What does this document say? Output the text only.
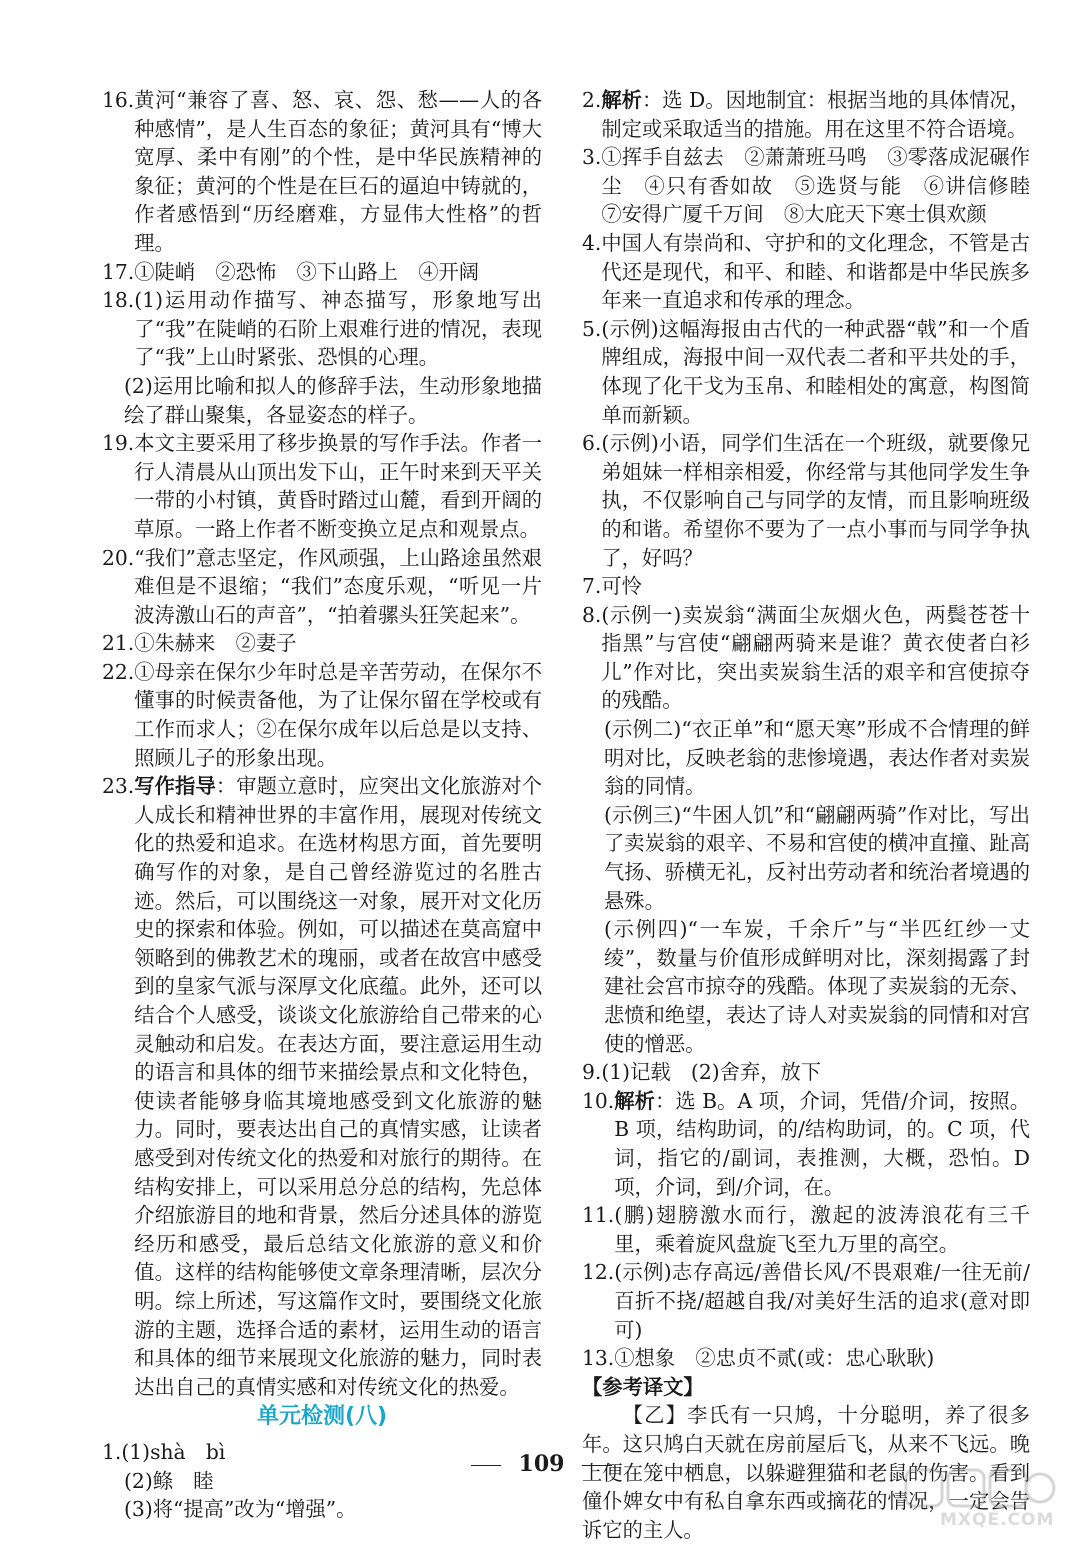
16. 黄河“兼容了喜、怒、哀、怨、愁——人的各种感情”，是人生百态的象征；黄河具有“博大宽厚、柔中有刚”的个性，是中华民族精神的象征；黄河的个性是在巨石的逼迫中铸就的，作者感悟到“历经磨难，方显伟大性格”的哲理。
17. ①陡峭　②恐怖　③下山路上　④开阔
18. (1)运用动作描写、神态描写，形象地写出了“我”在陡峭的石阶上艰难行进的情况，表现了“我”上山时紧张、恐惧的心理。

(2)运用比喻和拟人的修辞手法，生动形象地描绘了群山聚集，各显姿态的样子。

19. 本文主要采用了移步换景的写作手法。作者一行人清晨从山顶出发下山，正午时来到天平关一带的小村镇，黄昏时踏过山麓，看到开阔的草原。一路上作者不断变换立足点和观景点。
20. “我们”意志坚定，作风顽强，上山路途虽然艰难但是不退缩；“我们”态度乐观，“听见一片波涛激山石的声音”，“拍着骡头狂笑起来”。
21. ①朱赫来　②妻子
22. ①母亲在保尔少年时总是辛苦劳动，在保尔不懂事的时候责备他，为了让保尔留在学校或有工作而求人；②在保尔成年以后总是以支持、照顾儿子的形象出现。
23. 写作指导：审题立意时，应突出文化旅游对个人成长和精神世界的丰富作用，展现对传统文化的热爱和追求。在选材构思方面，首先要明确写作的对象，是自己曾经游览过的名胜古迹。然后，可以围绕这一对象，展开对文化历史的探索和体验。例如，可以描述在莫高窟中领略到的佛教艺术的瑰丽，或者在故宫中感受到的皇家气派与深厚文化底蕴。此外，还可以结合个人感受，谈谈文化旅游给自己带来的心灵触动和启发。在表达方面，要注意运用生动的语言和具体的细节来描绘景点和文化特色，使读者能够身临其境地感受到文化旅游的魅力。同时，要表达出自己的真情实感，让读者感受到对传统文化的热爱和对旅行的期待。在结构安排上，可以采用总分总的结构，先总体介绍旅游目的地和背景，然后分述具体的游览经历和感受，最后总结文化旅游的意义和价值。这样的结构能够使文章条理清晰，层次分明。综上所述，写这篇作文时，要围绕文化旅游的主题，选择合适的素材，运用生动的语言和具体的细节来展现文化旅游的魅力，同时表达出自己的真情实感和对传统文化的热爱。
单元检测(八)
1. (1)shà　bì

(2)鲦　睦

(3)将“提高”改为“增强”。

2. 解析：选 D。因地制宜：根据当地的具体情况，制定或采取适当的措施。用在这里不符合语境。
3. ①挥手自兹去　②萧萧班马鸣　③零落成泥碾作尘　④只有香如故　⑤选贤与能　⑥讲信修睦　⑦安得广厦千万间　⑧大庇天下寒士俱欢颜
4. 中国人有崇尚和、守护和的文化理念，不管是古代还是现代，和平、和睦、和谐都是中华民族多年来一直追求和传承的理念。
5. (示例)这幅海报由古代的一种武器“戟”和一个盾牌组成，海报中间一双代表二者和平共处的手，体现了化干戈为玉帛、和睦相处的寓意，构图简单而新颖。
6. (示例)小语，同学们生活在一个班级，就要像兄弟姐妹一样相亲相爱，你经常与其他同学发生争执，不仅影响自己与同学的友情，而且影响班级的和谐。希望你不要为了一点小事而与同学争执了，好吗？
7. 可怜
8. (示例一)卖炭翁“满面尘灰烟火色，两鬓苍苍十指黑”与宫使“翩翩两骑来是谁？黄衣使者白衫儿”作对比，突出卖炭翁生活的艰辛和宫使掠夺的残酷。

(示例二)“衣正单”和“愿天寒”形成不合情理的鲜明对比，反映老翁的悲惨境遇，表达作者对卖炭翁的同情。

(示例三)“牛困人饥”和“翩翩两骑”作对比，写出了卖炭翁的艰辛、不易和宫使的横冲直撞、趾高气扬、骄横无礼，反衬出劳动者和统治者境遇的悬殊。

(示例四)“一车炭，千余斤”与“半匹红纱一丈绫”，数量与价值形成鲜明对比，深刻揭露了封建社会宫市掠夺的残酷。体现了卖炭翁的无奈、悲愤和绝望，表达了诗人对卖炭翁的同情和对宫使的憎恶。

9. (1)记载　(2)舍弃，放下
10. 解析：选 B。A 项，介词，凭借/介词，按照。B 项，结构助词，的/结构助词，的。C 项，代词，指它的/副词，表推测，大概，恐怕。D 项，介词，到/介词，在。
11. (鹏)翅膀激水而行，激起的波涛浪花有三千里，乘着旋风盘旋飞至九万里的高空。
12. (示例)志存高远/善借长风/不畏艰难/一往无前/百折不挠/超越自我/对美好生活的追求(意对即可)
13. ①想象　②忠贞不贰(或：忠心耿耿)

【参考译文】

【乙】李氏有一只鸠，十分聪明，养了很多年。这只鸠白天就在房前屋后飞，从来不飞远。晚上便在笼中栖息，以躲避狸猫和老鼠的伤害。看到僮仆婢女中有私自拿东西或摘花的情况，一定会告诉它的主人。

109
MXQE.COM
